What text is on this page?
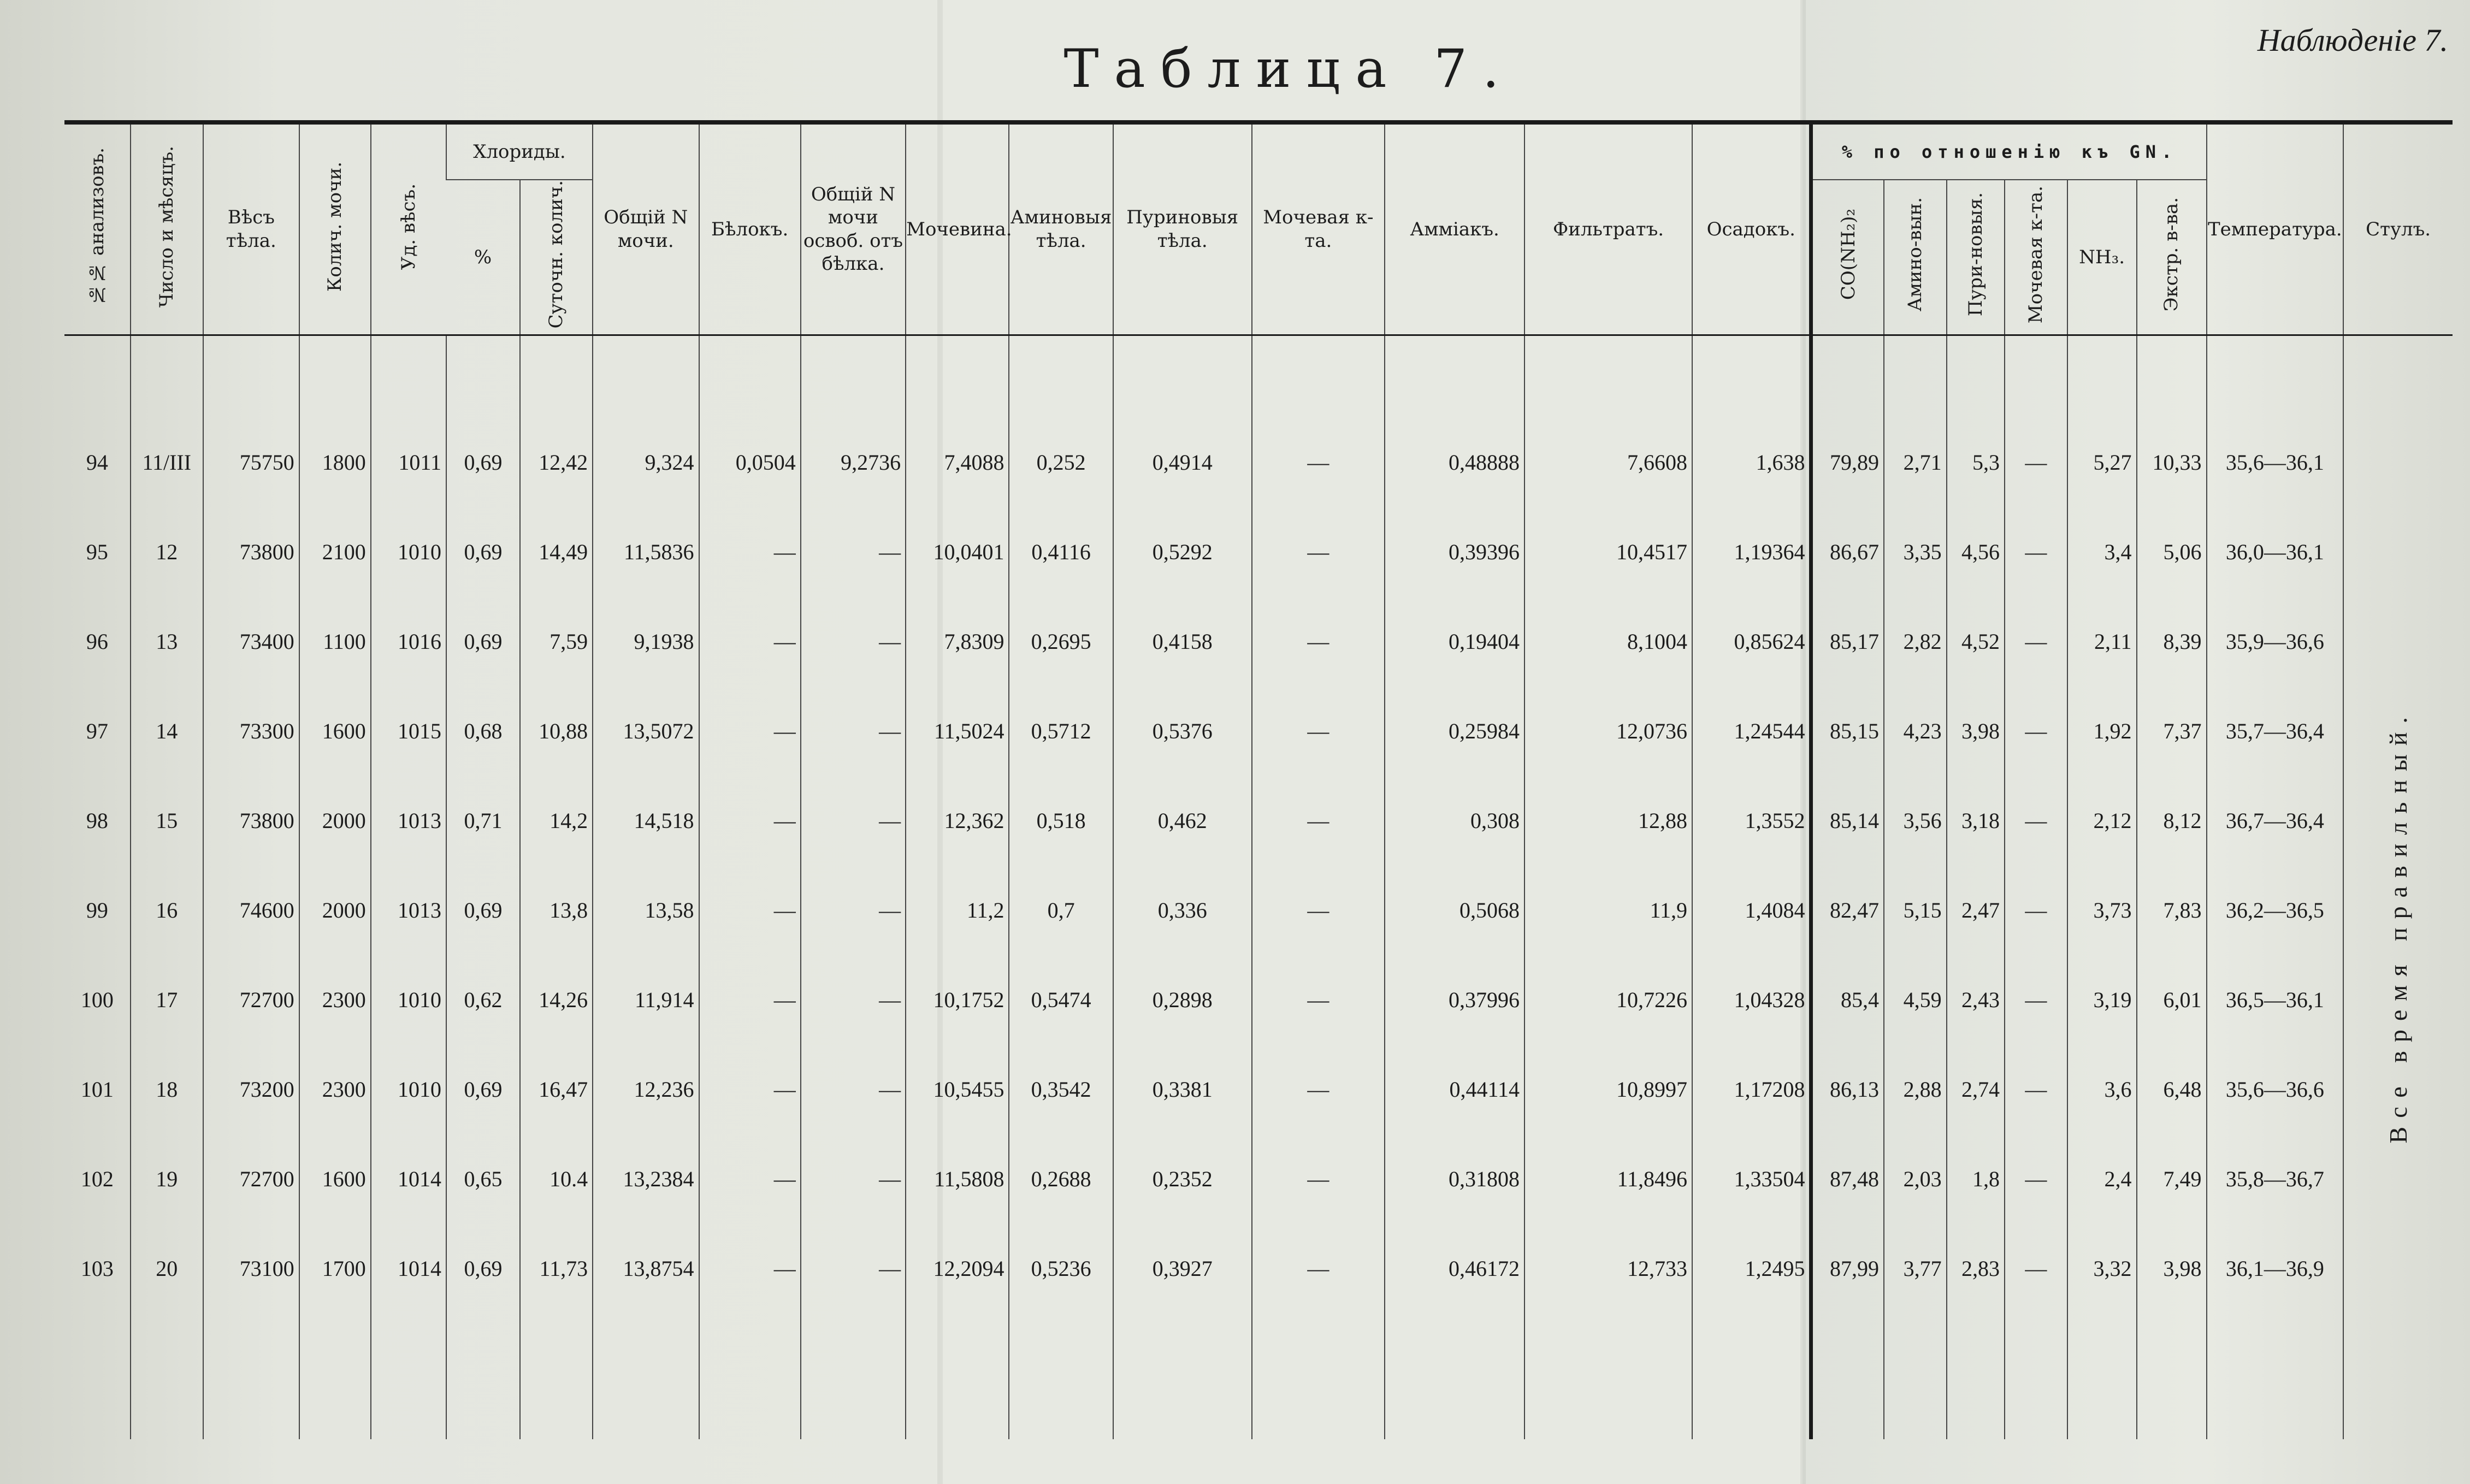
Таблица 7.	Наблюденіе 7.
№№ анализовъ.	Число и мѣсяцъ.	Вѣсъ тѣла.	Колич. мочи.	Уд. вѣсъ.	Хлориды.		Общій N мочи.	Бѣлокъ.	Общій N мочи освоб. отъ бѣлка.	Мочевина.	Аминовыя тѣла.	Пуриновыя тѣла.	Мочевая к-та.	Аммiакъ.	Фильтратъ.	Осадокъ.	% по отношенію къ GN.						Температура.	Стулъ.
					%	Суточн. колич.											CO(NH₂)₂	Амино-вын.	Пури-новыя.	Мочевая к-та.	NH₃.	Экстр. в-ва.		
94	11/III	75750	1800	1011	0,69	12,42	9,324	0,0504	9,2736	7,4088	0,252	0,4914	—	0,48888	7,6608	1,638	79,89	2,71	5,3	—	5,27	10,33	35,6—36,1	Все время правильный.
95	12	73800	2100	1010	0,69	14,49	11,5836	—	—	10,0401	0,4116	0,5292	—	0,39396	10,4517	1,19364	86,67	3,35	4,56	—	3,4	5,06	36,0—36,1	
96	13	73400	1100	1016	0,69	7,59	9,1938	—	—	7,8309	0,2695	0,4158	—	0,19404	8,1004	0,85624	85,17	2,82	4,52	—	2,11	8,39	35,9—36,6	
97	14	73300	1600	1015	0,68	10,88	13,5072	—	—	11,5024	0,5712	0,5376	—	0,25984	12,0736	1,24544	85,15	4,23	3,98	—	1,92	7,37	35,7—36,4	
98	15	73800	2000	1013	0,71	14,2	14,518	—	—	12,362	0,518	0,462	—	0,308	12,88	1,3552	85,14	3,56	3,18	—	2,12	8,12	36,7—36,4	
99	16	74600	2000	1013	0,69	13,8	13,58	—	—	11,2	0,7	0,336	—	0,5068	11,9	1,4084	82,47	5,15	2,47	—	3,73	7,83	36,2—36,5	
100	17	72700	2300	1010	0,62	14,26	11,914	—	—	10,1752	0,5474	0,2898	—	0,37996	10,7226	1,04328	85,4	4,59	2,43	—	3,19	6,01	36,5—36,1	
101	18	73200	2300	1010	0,69	16,47	12,236	—	—	10,5455	0,3542	0,3381	—	0,44114	10,8997	1,17208	86,13	2,88	2,74	—	3,6	6,48	35,6—36,6	
102	19	72700	1600	1014	0,65	10.4	13,2384	—	—	11,5808	0,2688	0,2352	—	0,31808	11,8496	1,33504	87,48	2,03	1,8	—	2,4	7,49	35,8—36,7	
103	20	73100	1700	1014	0,69	11,73	13,8754	—	—	12,2094	0,5236	0,3927	—	0,46172	12,733	1,2495	87,99	3,77	2,83	—	3,32	3,98	36,1—36,9	
